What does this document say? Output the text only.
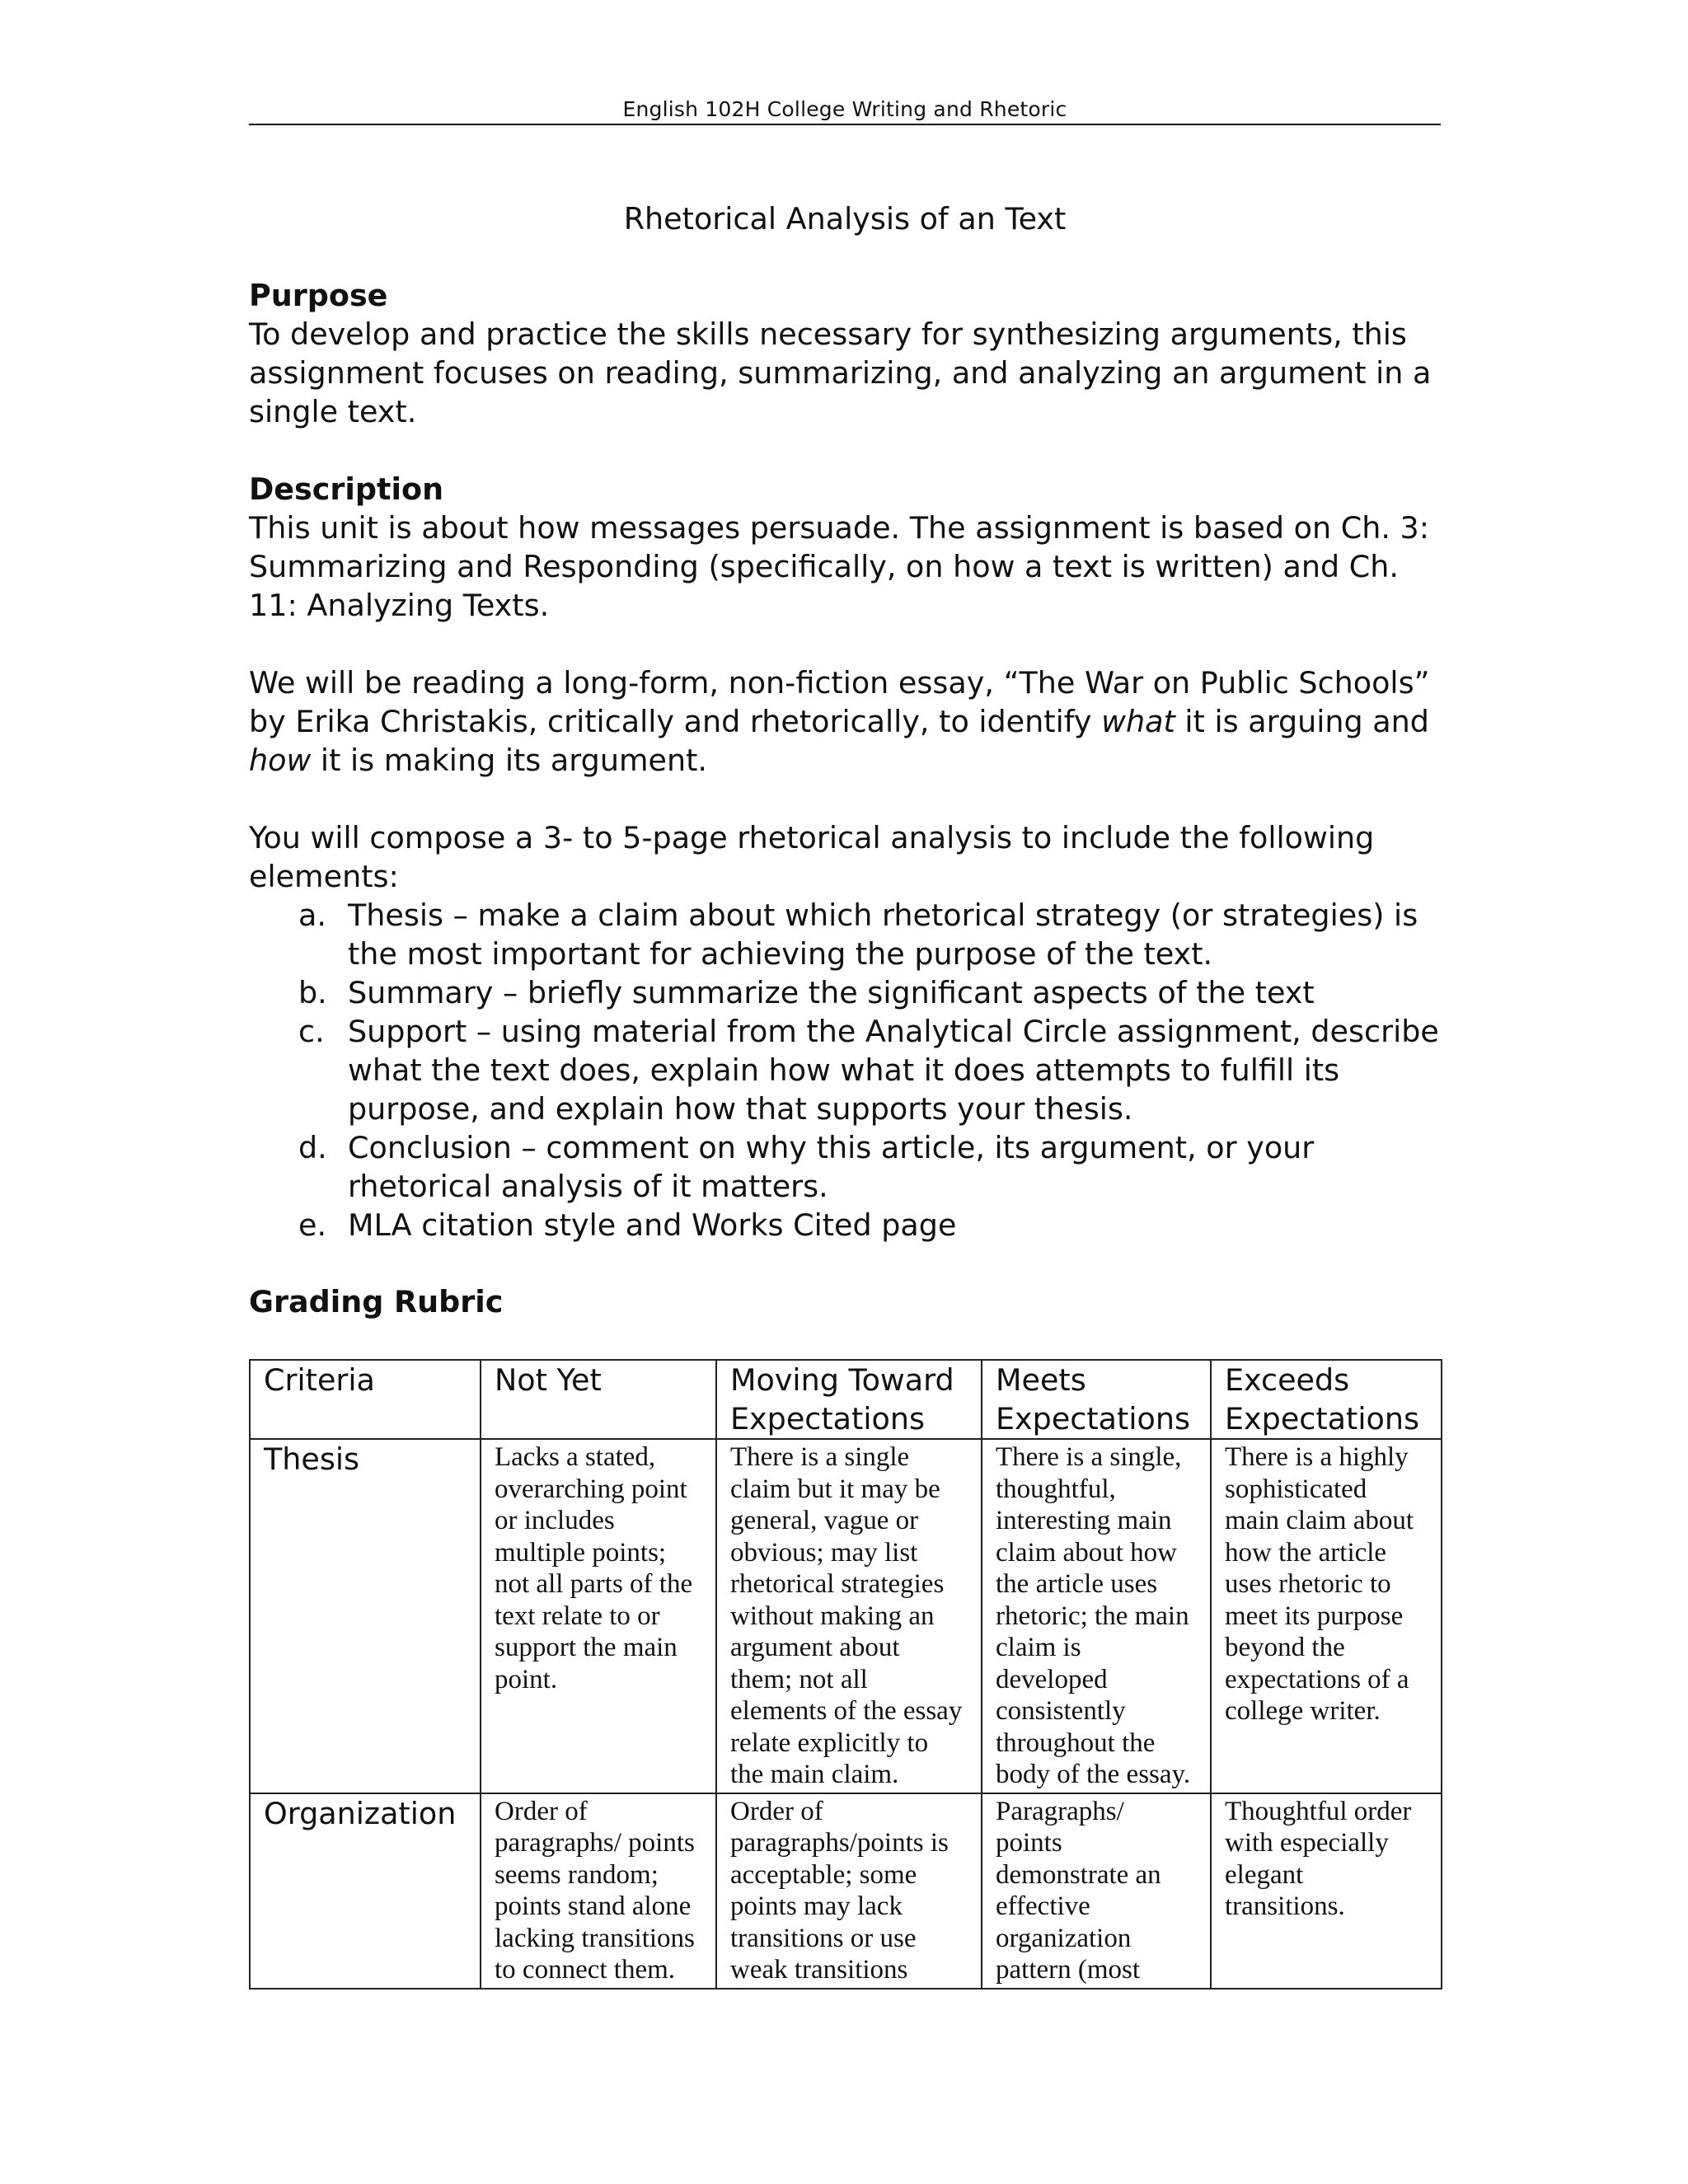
English 102H College Writing and Rhetoric
Rhetorical Analysis of an Text
Purpose

To develop and practice the skills necessary for synthesizing arguments, this assignment focuses on reading, summarizing, and analyzing an argument in a single text.

Description

This unit is about how messages persuade. The assignment is based on Ch. 3: Summarizing and Responding (specifically, on how a text is written) and Ch. 11: Analyzing Texts.

We will be reading a long-form, non-fiction essay, “The War on Public Schools” by Erika Christakis, critically and rhetorically, to identify what it is arguing and how it is making its argument.

You will compose a 3- to 5-page rhetorical analysis to include the following elements:

a. Thesis – make a claim about which rhetorical strategy (or strategies) is the most important for achieving the purpose of the text.
b. Summary – briefly summarize the significant aspects of the text
c. Support – using material from the Analytical Circle assignment, describe what the text does, explain how what it does attempts to fulfill its purpose, and explain how that supports your thesis.
d. Conclusion – comment on why this article, its argument, or your rhetorical analysis of it matters.
e. MLA citation style and Works Cited page
Grading Rubric
Criteria	Not Yet	Moving Toward Expectations	Meets Expectations	Exceeds Expectations
Thesis	Lacks a stated, overarching point or includes multiple points; not all parts of the text relate to or support the main point.	There is a single claim but it may be general, vague or obvious; may list rhetorical strategies without making an argument about them; not all elements of the essay relate explicitly to the main claim.	There is a single, thoughtful, interesting main claim about how the article uses rhetoric; the main claim is developed consistently throughout the body of the essay.	There is a highly sophisticated main claim about how the article uses rhetoric to meet its purpose beyond the expectations of a college writer.
Organization	Order of paragraphs/ points seems random; points stand alone lacking transitions to connect them.	Order of paragraphs/points is acceptable; some points may lack transitions or use weak transitions	Paragraphs/ points demonstrate an effective organization pattern (most	Thoughtful order with especially elegant transitions.
